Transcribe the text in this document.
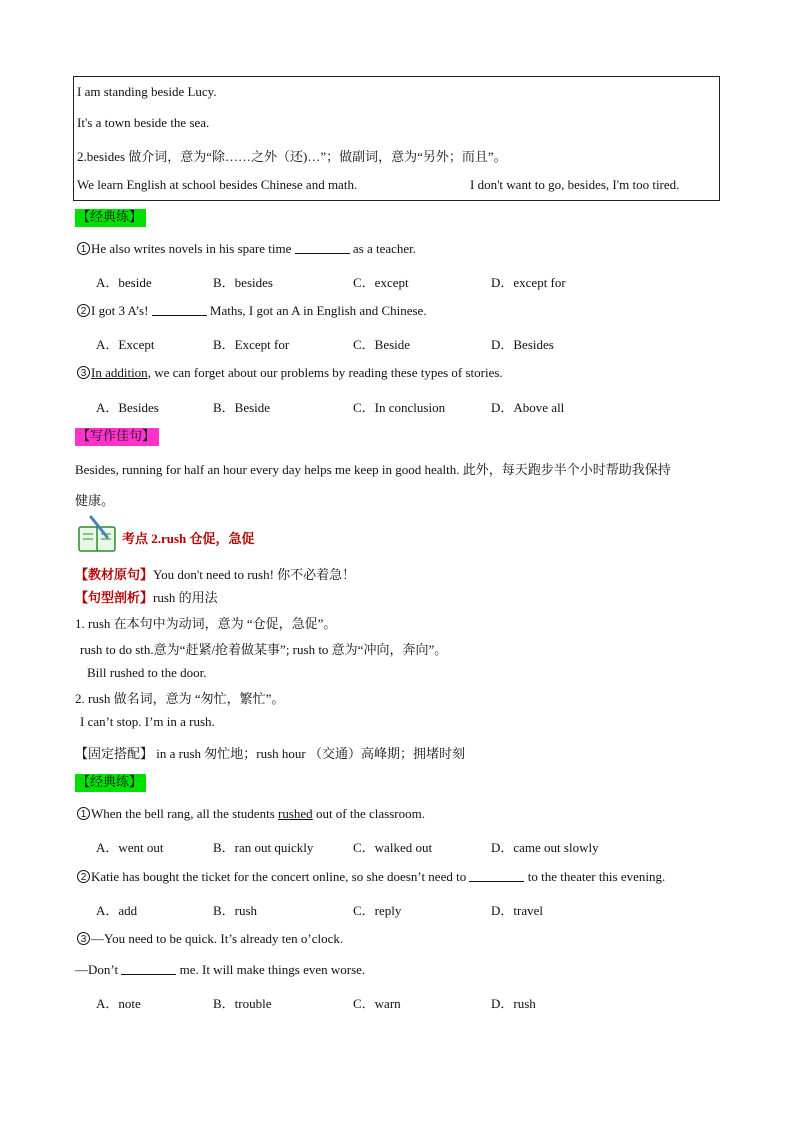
I am standing beside Lucy.
It's a town beside the sea.
2.besides 做介词，意为“除……之外（还)…”；做副词，意为“另外；而且”。
We learn English at school besides Chinese and math.	I don't want to go, besides, I'm too tired.
【经典练】
1 He also writes novels in his spare time	as a teacher.
A．beside	B．besides	C．except	D．except for
2 I got 3 A’s!	Maths, I got an A in English and Chinese.
A．Except	B．Except for	C．Beside	D．Besides
3 In addition, we can forget about our problems by reading these types of stories.
A．Besides	B．Beside	C．In conclusion	D．Above all
【写作佳句】
Besides, running for half an hour every day helps me keep in good health. 此外，每天跑步半个小时帮助我保持
健康。
考点 2.rush 仓促，急促
【教材原句】You don't need to rush! 你不必着急！
【句型剖析】rush 的用法
1. rush 在本句中为动词，意为 “仓促，急促”。
rush to do sth.意为“赶紧/抢着做某事”; rush to 意为“冲向，奔向”。
Bill rushed to the door.
2. rush 做名词，意为 “匆忙，繁忙”。
I can’t stop. I’m in a rush.
【固定搭配】 in a rush 匆忙地；rush hour （交通）高峰期；拥堵时刻
【经典练】
1 When the bell rang, all the students rushed out of the classroom.
A．went out	B．ran out quickly	C．walked out	D．came out slowly
2 Katie has bought the ticket for the concert online, so she doesn’t need to	to the theater this evening.
A．add	B．rush	C．reply	D．travel
3 —You need to be quick. It’s already ten o’clock.
—Don’t	me. It will make things even worse.
A．note	B．trouble	C．warn	D．rush
